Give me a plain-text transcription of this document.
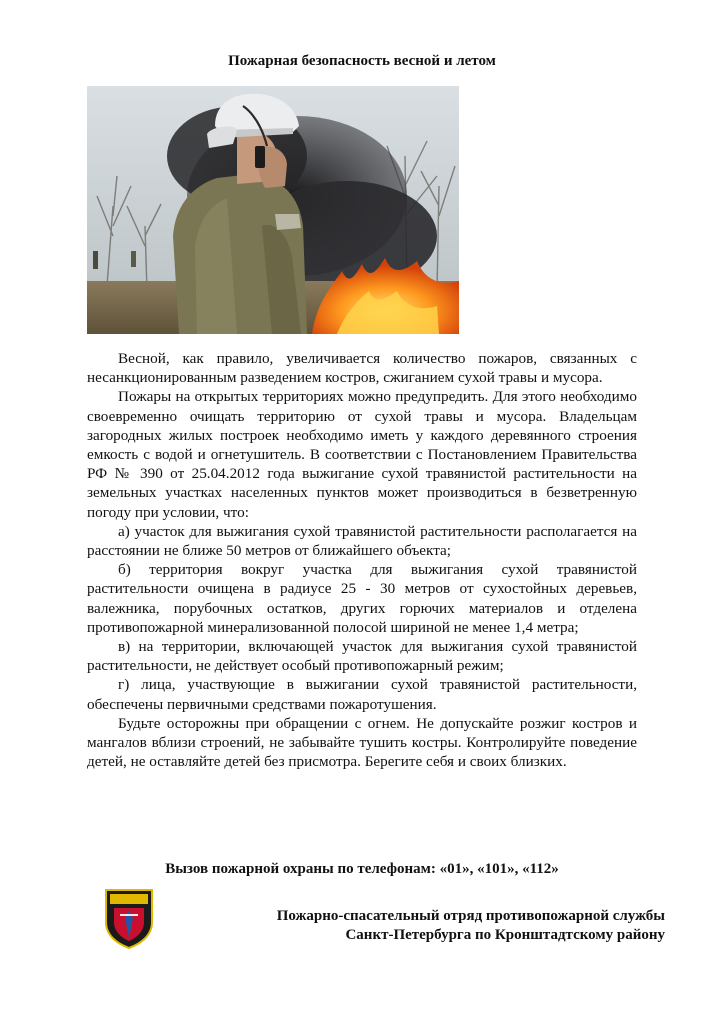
Пожарная безопасность весной и летом

Весной, как правило, увеличивается количество пожаров, связанных с несанкционированным разведением костров, сжиганием сухой травы и мусора.

Пожары на открытых территориях можно предупредить. Для этого необходимо своевременно очищать территорию от сухой травы и мусора. Владельцам загородных жилых построек необходимо иметь у каждого деревянного строения емкость с водой и огнетушитель. В соответствии с Постановлением Правительства РФ № 390 от 25.04.2012 года выжигание сухой травянистой растительности на земельных участках населенных пунктов может производиться в безветренную погоду при условии, что:

а) участок для выжигания сухой травянистой растительности располагается на расстоянии не ближе 50 метров от ближайшего объекта;

б) территория вокруг участка для выжигания сухой травянистой растительности очищена в радиусе 25 - 30 метров от сухостойных деревьев, валежника, порубочных остатков, других горючих материалов и отделена противопожарной минерализованной полосой шириной не менее 1,4 метра;

в) на территории, включающей участок для выжигания сухой травянистой растительности, не действует особый противопожарный режим;

г) лица, участвующие в выжигании сухой травянистой растительности, обеспечены первичными средствами пожаротушения.

Будьте осторожны при обращении с огнем. Не допускайте розжиг костров и мангалов вблизи строений, не забывайте тушить костры. Контролируйте поведение детей, не оставляйте детей без присмотра. Берегите себя и своих близких.

Вызов пожарной охраны по телефонам: «01», «101», «112»
Пожарно-спасательный отряд противопожарной службы
Санкт-Петербурга по Кронштадтскому району
